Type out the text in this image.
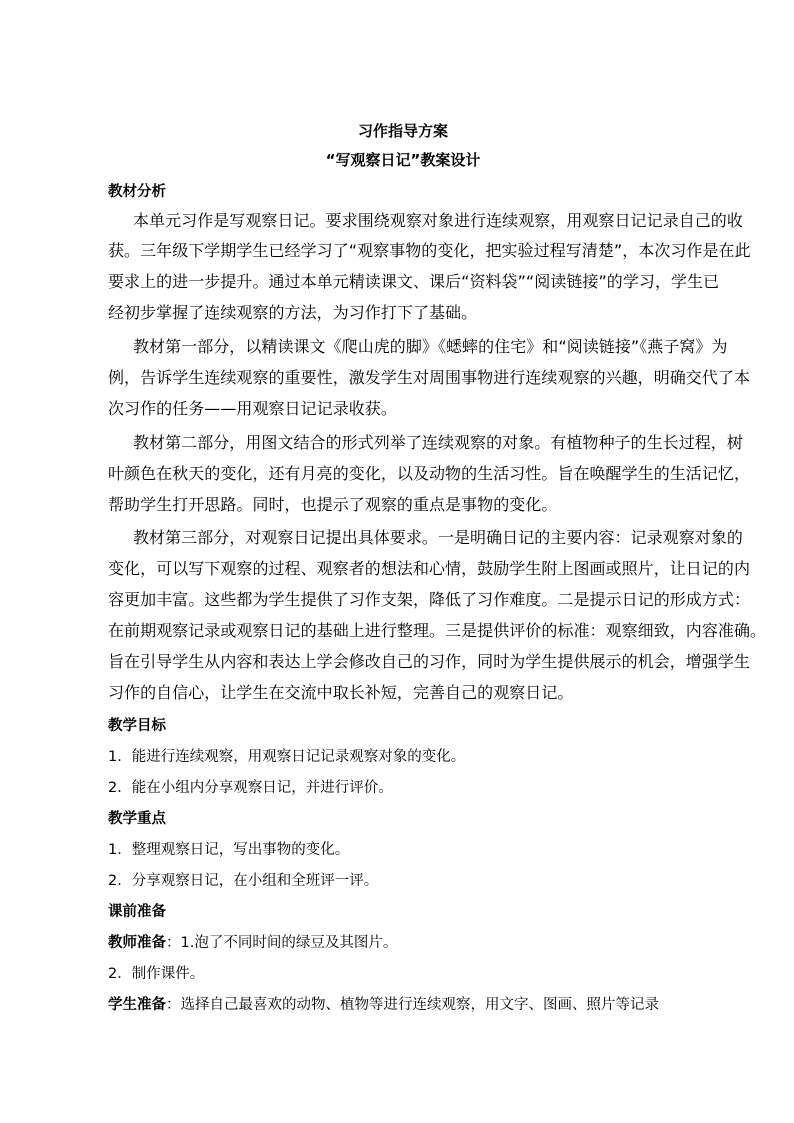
习作指导方案
“写观察日记”教案设计
教材分析
本单元习作是写观察日记。要求围绕观察对象进行连续观察，用观察日记记录自己的收
获。三年级下学期学生已经学习了“观察事物的变化，把实验过程写清楚”，本次习作是在此
要求上的进一步提升。通过本单元精读课文、课后“资料袋”“阅读链接”的学习，学生已
经初步掌握了连续观察的方法，为习作打下了基础。
教材第一部分，以精读课文《爬山虎的脚》《蟋蟀的住宅》和“阅读链接”《燕子窝》为
例，告诉学生连续观察的重要性，激发学生对周围事物进行连续观察的兴趣，明确交代了本
次习作的任务——用观察日记记录收获。
教材第二部分，用图文结合的形式列举了连续观察的对象。有植物种子的生长过程，树
叶颜色在秋天的变化，还有月亮的变化，以及动物的生活习性。旨在唤醒学生的生活记忆，
帮助学生打开思路。同时，也提示了观察的重点是事物的变化。
教材第三部分，对观察日记提出具体要求。一是明确日记的主要内容：记录观察对象的
变化，可以写下观察的过程、观察者的想法和心情，鼓励学生附上图画或照片，让日记的内
容更加丰富。这些都为学生提供了习作支架，降低了习作难度。二是提示日记的形成方式：
在前期观察记录或观察日记的基础上进行整理。三是提供评价的标准：观察细致，内容准确。
旨在引导学生从内容和表达上学会修改自己的习作，同时为学生提供展示的机会，增强学生
习作的自信心，让学生在交流中取长补短，完善自己的观察日记。
教学目标
1．能进行连续观察，用观察日记记录观察对象的变化。
2．能在小组内分享观察日记，并进行评价。
教学重点
1．整理观察日记，写出事物的变化。
2．分享观察日记，在小组和全班评一评。
课前准备
教师准备：1.泡了不同时间的绿豆及其图片。
2．制作课件。
学生准备：选择自己最喜欢的动物、植物等进行连续观察，用文字、图画、照片等记录
